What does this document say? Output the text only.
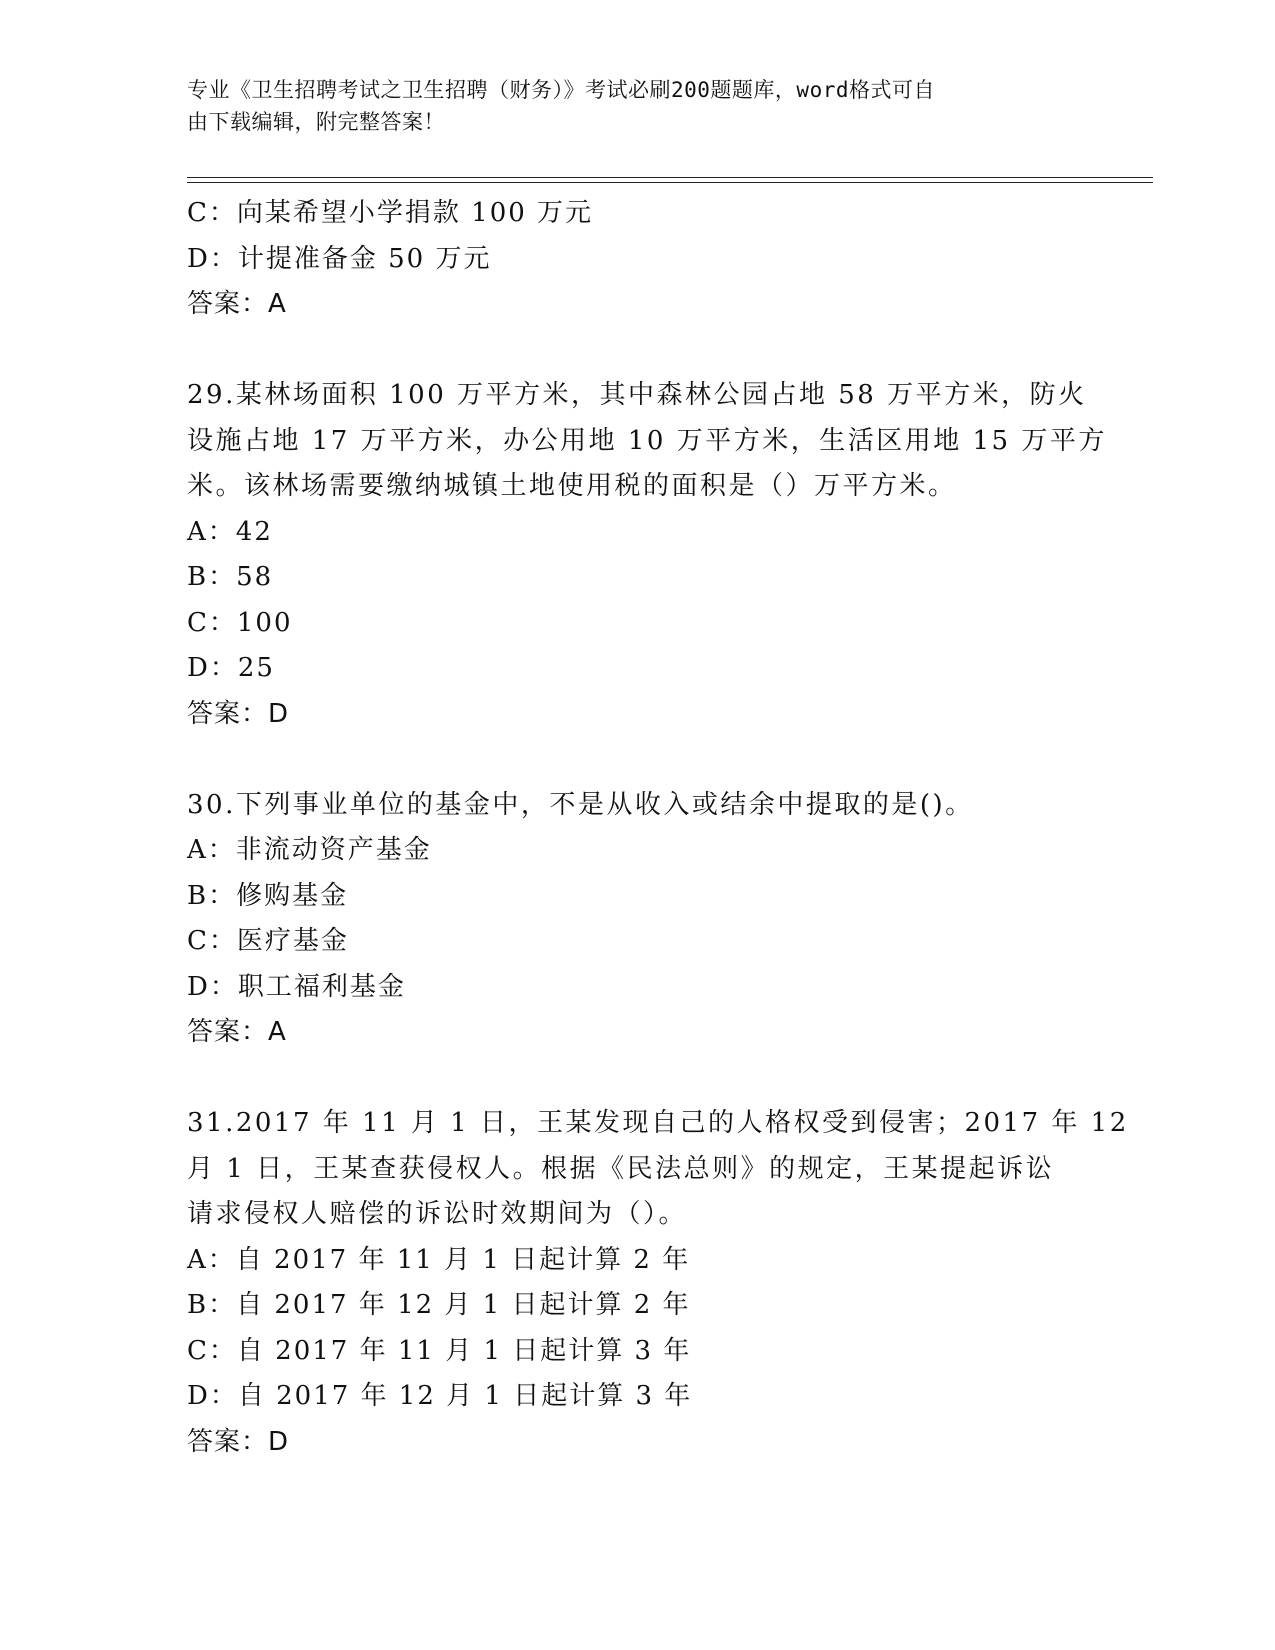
专业《卫生招聘考试之卫生招聘（财务）》考试必刷200题题库，word格式可自
由下载编辑，附完整答案！
C：向某希望小学捐款 100 万元
D：计提准备金 50 万元
答案：A
29.某林场面积 100 万平方米，其中森林公园占地 58 万平方米，防火
设施占地 17 万平方米，办公用地 10 万平方米，生活区用地 15 万平方
米。该林场需要缴纳城镇土地使用税的面积是（）万平方米。
A：42
B：58
C：100
D：25
答案：D
30.下列事业单位的基金中，不是从收入或结余中提取的是()。
A：非流动资产基金
B：修购基金
C：医疗基金
D：职工福利基金
答案：A
31.2017 年 11 月 1 日，王某发现自己的人格权受到侵害；2017 年 12
月 1 日，王某查获侵权人。根据《民法总则》的规定，王某提起诉讼
请求侵权人赔偿的诉讼时效期间为（）。
A：自 2017 年 11 月 1 日起计算 2 年
B：自 2017 年 12 月 1 日起计算 2 年
C：自 2017 年 11 月 1 日起计算 3 年
D：自 2017 年 12 月 1 日起计算 3 年
答案：D
